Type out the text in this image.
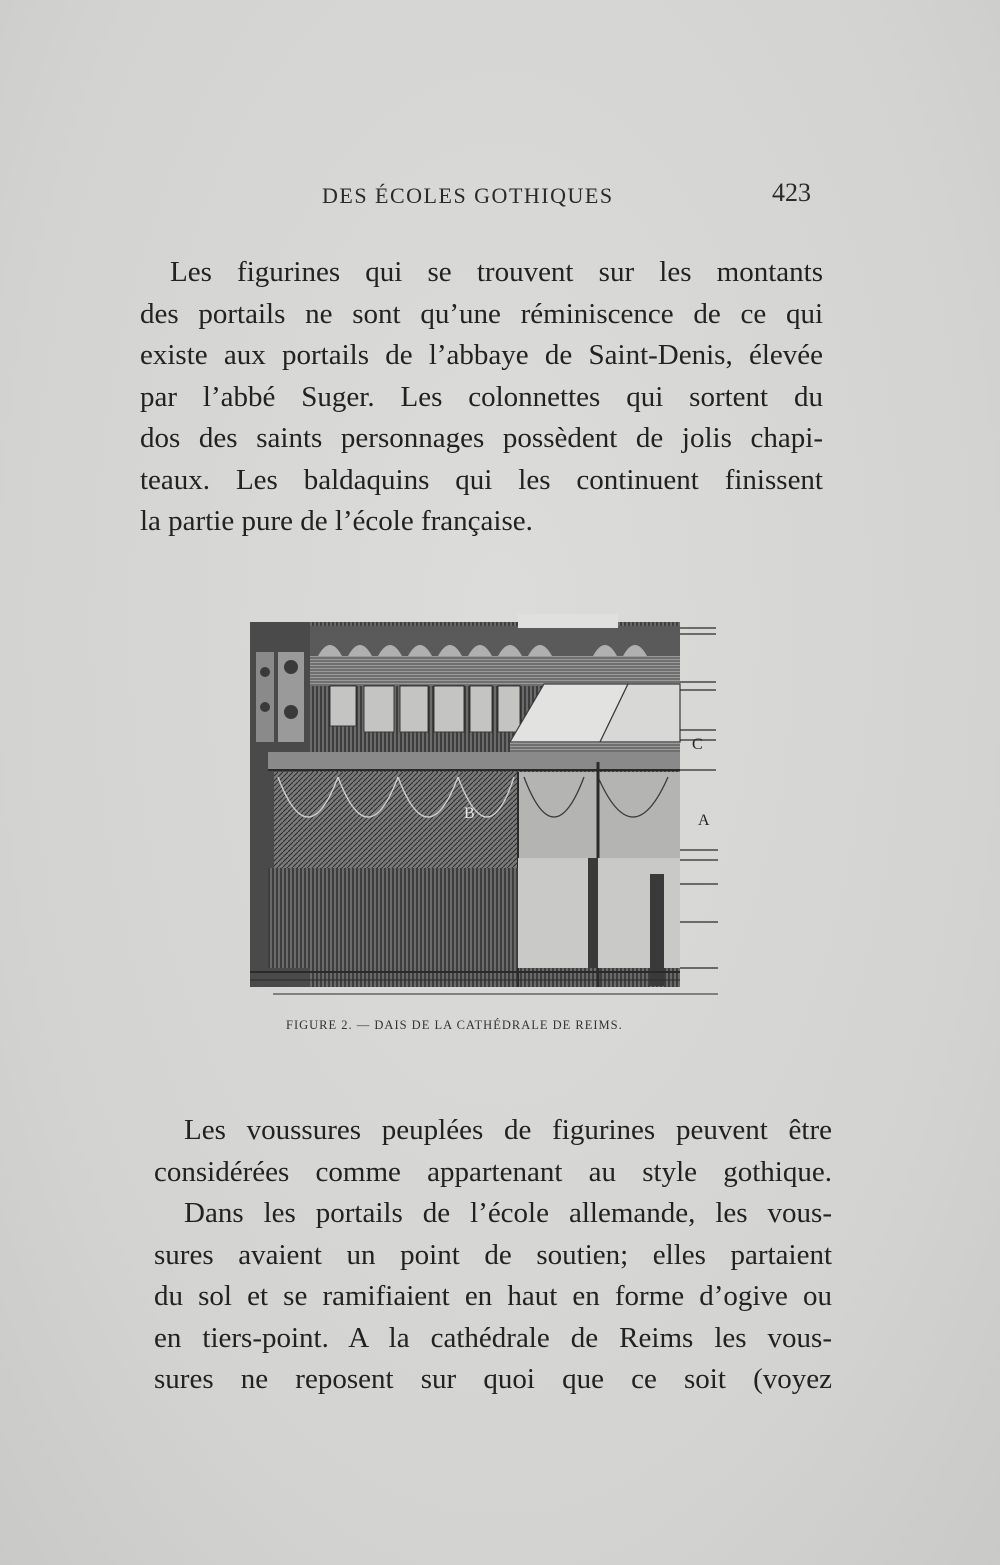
DES ÉCOLES GOTHIQUES	423

Les figurines qui se trouvent sur les montants
des portails ne sont qu’une réminiscence de ce qui
existe aux portails de l’abbaye de Saint-Denis, élevée
par l’abbé Suger. Les colonnettes qui sortent du
dos des saints personnages possèdent de jolis chapi-
teaux. Les baldaquins qui les continuent finissent
la partie pure de l’école française.

B
C
A
FIGURE 2. — DAIS DE LA CATHÉDRALE DE REIMS.

Les voussures peuplées de figurines peuvent être
considérées comme appartenant au style gothique.
Dans les portails de l’école allemande, les vous-
sures avaient un point de soutien; elles partaient
du sol et se ramifiaient en haut en forme d’ogive ou
en tiers-point. A la cathédrale de Reims les vous-
sures ne reposent sur quoi que ce soit (voyez
